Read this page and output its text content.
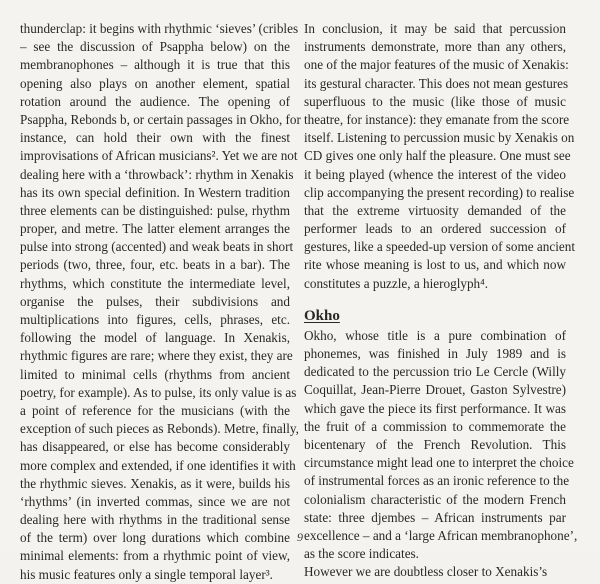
thunderclap: it begins with rhythmic ‘sieves’ (cribles
– see the discussion of Psappha below) on the
membranophones – although it is true that this
opening also plays on another element, spatial
rotation around the audience. The opening of
Psappha, Rebonds b, or certain passages in Okho, for
instance, can hold their own with the finest
improvisations of African musicians². Yet we are not
dealing here with a ‘throwback’: rhythm in Xenakis
has its own special definition. In Western tradition
three elements can be distinguished: pulse, rhythm
proper, and metre. The latter element arranges the
pulse into strong (accented) and weak beats in short
periods (two, three, four, etc. beats in a bar). The
rhythms, which constitute the intermediate level,
organise the pulses, their subdivisions and
multiplications into figures, cells, phrases, etc.
following the model of language. In Xenakis,
rhythmic figures are rare; where they exist, they are
limited to minimal cells (rhythms from ancient
poetry, for example). As to pulse, its only value is as
a point of reference for the musicians (with the
exception of such pieces as Rebonds). Metre, finally,
has disappeared, or else has become considerably
more complex and extended, if one identifies it with
the rhythmic sieves. Xenakis, as it were, builds his
‘rhythms’ (in inverted commas, since we are not
dealing here with rhythms in the traditional sense
of the term) over long durations which combine
minimal elements: from a rhythmic point of view,
his music features only a single temporal layer³.
In conclusion, it may be said that percussion
instruments demonstrate, more than any others,
one of the major features of the music of Xenakis:
its gestural character. This does not mean gestures
superfluous to the music (like those of music
theatre, for instance): they emanate from the score
itself. Listening to percussion music by Xenakis on
CD gives one only half the pleasure. One must see
it being played (whence the interest of the video
clip accompanying the present recording) to realise
that the extreme virtuosity demanded of the
performer leads to an ordered succession of
gestures, like a speeded-up version of some ancient
rite whose meaning is lost to us, and which now
constitutes a puzzle, a hieroglyph⁴.
Okho
Okho, whose title is a pure combination of
phonemes, was finished in July 1989 and is
dedicated to the percussion trio Le Cercle (Willy
Coquillat, Jean-Pierre Drouet, Gaston Sylvestre)
which gave the piece its first performance. It was
the fruit of a commission to commemorate the
bicentenary of the French Revolution. This
circumstance might lead one to interpret the choice
of instrumental forces as an ironic reference to the
colonialism characteristic of the modern French
state: three djembes – African instruments par
excellence – and a ‘large African membranophone’,
as the score indicates.
However we are doubtless closer to Xenakis’s
9
